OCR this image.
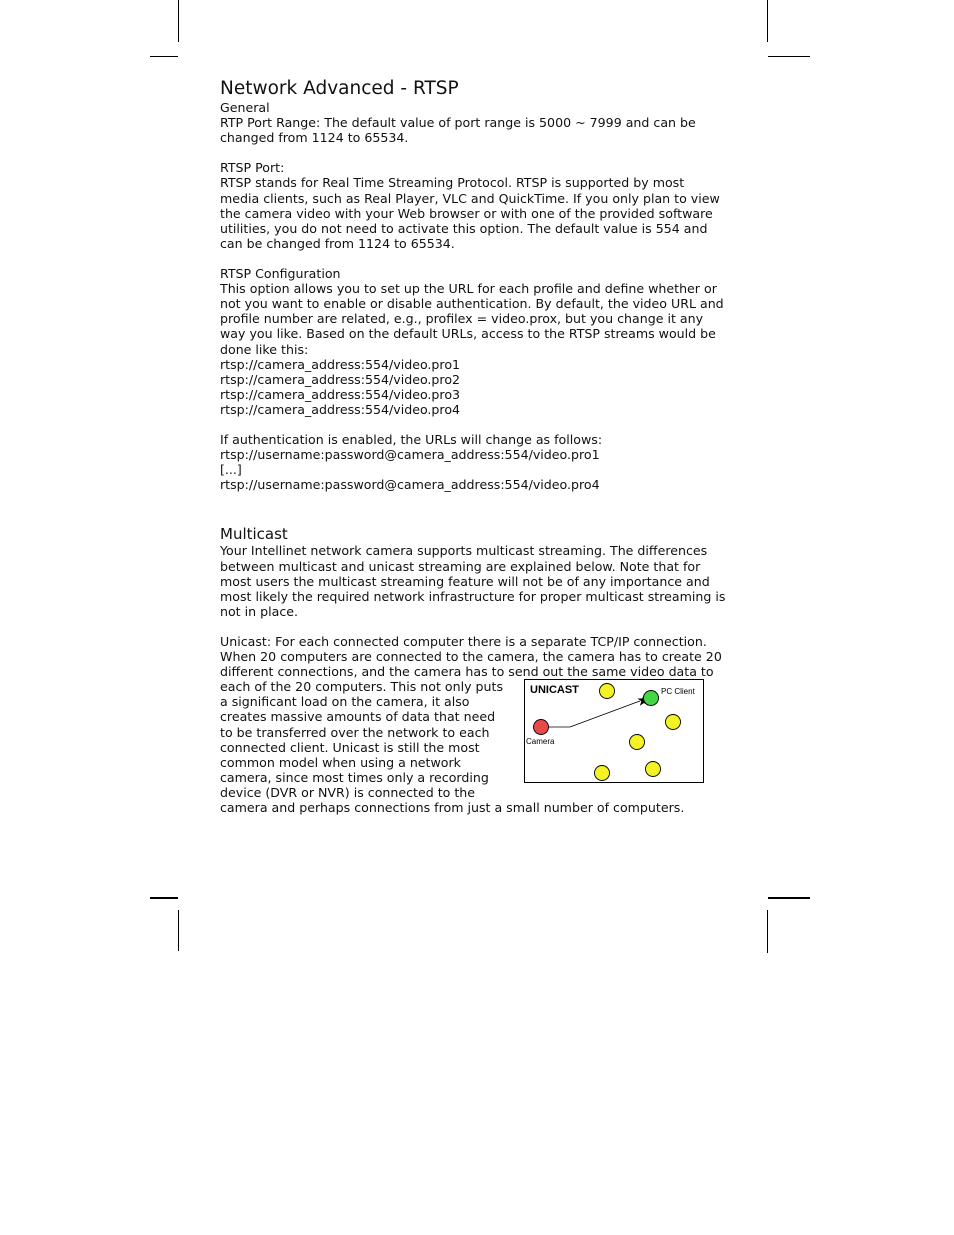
Network Advanced - RTSP
General
RTP Port Range: The default value of port range is 5000 ~ 7999 and can be
changed from 1124 to 65534.
RTSP Port:
RTSP stands for Real Time Streaming Protocol. RTSP is supported by most
media clients, such as Real Player, VLC and QuickTime. If you only plan to view
the camera video with your Web browser or with one of the provided software
utilities, you do not need to activate this option. The default value is 554 and
can be changed from 1124 to 65534.
RTSP Configuration
This option allows you to set up the URL for each profile and define whether or
not you want to enable or disable authentication. By default, the video URL and
profile number are related, e.g., profilex = video.prox, but you change it any
way you like. Based on the default URLs, access to the RTSP streams would be
done like this:
rtsp://camera_address:554/video.pro1
rtsp://camera_address:554/video.pro2
rtsp://camera_address:554/video.pro3
rtsp://camera_address:554/video.pro4
If authentication is enabled, the URLs will change as follows:
rtsp://username:password@camera_address:554/video.pro1
[...]
rtsp://username:password@camera_address:554/video.pro4
Multicast
Your Intellinet network camera supports multicast streaming. The differences
between multicast and unicast streaming are explained below. Note that for
most users the multicast streaming feature will not be of any importance and
most likely the required network infrastructure for proper multicast streaming is
not in place.
Unicast: For each connected computer there is a separate TCP/IP connection.
When 20 computers are connected to the camera, the camera has to create 20
different connections, and the camera has to send out the same video data to
each of the 20 computers. This not only puts
a significant load on the camera, it also
creates massive amounts of data that need
to be transferred over the network to each
connected client. Unicast is still the most
common model when using a network
camera, since most times only a recording
device (DVR or NVR) is connected to the
UNICAST	PC Client
Camera
camera and perhaps connections from just a small number of computers.
